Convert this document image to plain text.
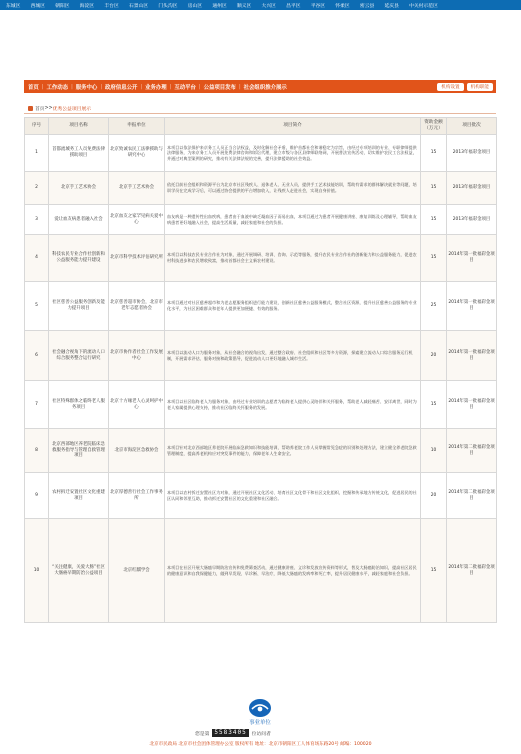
东城区 西城区 朝阳区 海淀区 丰台区 石景山区 门头沟区 房山区 通州区 顺义区 大兴区 昌平区 平谷区 怀柔区 密云县 延庆县 中关村示范区
首页 | 工作动态 | 服务中心 | 政府信息公开 | 业务办理 | 互动平台 | 公益项目发布 | 社会组织推介展示	机构设置	机构职能
首页 >> 优秀公益项目展示
序号	项目名称	申报单位	项目简介	资助金额（万元）	项目批次
1	首都流城务工人员免费法律援助项目	北京致诚农民工法律援助与研究中心	本项目以依法保护来京务工人员正当合法权益，及时化解社会矛盾，维护首都社会和谐稳定为宗旨，由经过专项培训的专业、专职律师提供法律服务，为来京务工人员开展免费法律咨询和诉讼代理，建立市级与各区县律师联络网，开展普法宣传活动，切实维护农民工合法权益，并通过对典型案例的研究，推动有关法律法规的完善，提升法律援助的社会效益。	15	2013年福彩金项目
2	北京手工艺术协会	北京手工艺术协会	依托目前社会组织和资源平台为北京市社区残疾人、退休老人、无业人员，提供手工艺术技能培训，帮助有需求的群体解决就业等问题，培训学员在完成学习后，可以通过协会提供的平台增加收入，让残疾人走进社会，实现自身价值。	15	2013年福彩金项目
3	爱让血友病患者融入社会	北京血友之家罕见病关爱中心	血友病是一种遗传性出血疾病，患者由于血液中缺乏凝血因子而易出血，本项目通过为患者开展健康讲座、康复训练及心理辅导，帮助血友病患者更好地融入社会，提高生活质量，减轻家庭和社会的负担。	15	2013年福彩金项目
4	科技农民专业合作社创新和公益服务能力提升建设	北京市科学技术评估研究所	本项目以科技农民专业合作社为对象，通过开展调研、培训、咨询、示范等服务，提升农民专业合作社的创新能力和公益服务能力，促进农村科技进步和农民增收致富，推动首都社会主义新农村建设。	15	2014年第一批福彩金项目
5	社区慈善公益服务创新及能力提升项目	北京慈善超市协会，北京市老年志愿者协会	本项目通过对社区慈善超市和为老志愿服务组织进行能力建设，创新社区慈善公益服务模式，整合社区资源，提升社区慈善公益服务的专业化水平，为社区困难群众和老年人提供更加便捷、有效的服务。	25	2014年第一批福彩金项目
6	社会融合视角下的流动人口综合服务整合运行研究	北京市协作者社会工作发展中心	本项目以流动人口为服务对象，从社会融合的视角出发，通过整合政府、社会组织和社区等多方资源，探索建立流动人口综合服务运行机制，开展需求评估、服务对接和政策倡导，促进流动人口更好地融入城市生活。	20	2014年第一批福彩金项目
7	社区特殊群体之临终老人服务项目	北京十方缘老人心灵呵护中心	本项目以社区临终老人为服务对象，由经过专业培训的志愿者为临终老人提供心灵陪伴和关怀服务，帮助老人减轻痛苦、安详离世，同时为老人家属提供心理支持，推动社区临终关怀服务的发展。	15	2014年第一批福彩金项目
8	北京西部地区养老院临床急救服务指导与管理自救管理项目	北京市海淀区急救协会	本项目针对北京西部地区养老院开展临床急救知识和技能培训，帮助养老院工作人员掌握常见急症的识别和处理方法，建立健全养老院急救管理制度，提高养老机构应对突发事件的能力，保障老年人生命安全。	10	2014年第二批福彩金项目
9	农村拆迁安置社区文化重建项目	北京厚德善行社会工作事务所	本项目以农村拆迁安置社区为对象，通过开展社区文化活动、培育社区文化骨干和社区文化组织，挖掘和传承地方传统文化，促进居民的社区认同和邻里互助，推动拆迁安置社区的文化重建和社区融合。	20	2014年第二批福彩金项目
10	“关注健康，关爱大肠”社区大肠癌早期防治公益项目	北京红麒学会	本项目在社区开展大肠癌早期防治宣传和免费筛查活动，通过健康讲座、义诊和发放宣传资料等形式，普及大肠癌防治知识，提高社区居民的健康意识和自我保健能力，做到早发现、早诊断、早治疗，降低大肠癌的发病率和死亡率，提升居民健康水平，减轻家庭和社会负担。	15	2014年第二批福彩金项目
事业单位
您是第 5583405	位访问者
北京市民政局 北京市社会团体管理办公室 版权所有 地址：北京市朝阳区工人体育场东路20号 邮编：100020
